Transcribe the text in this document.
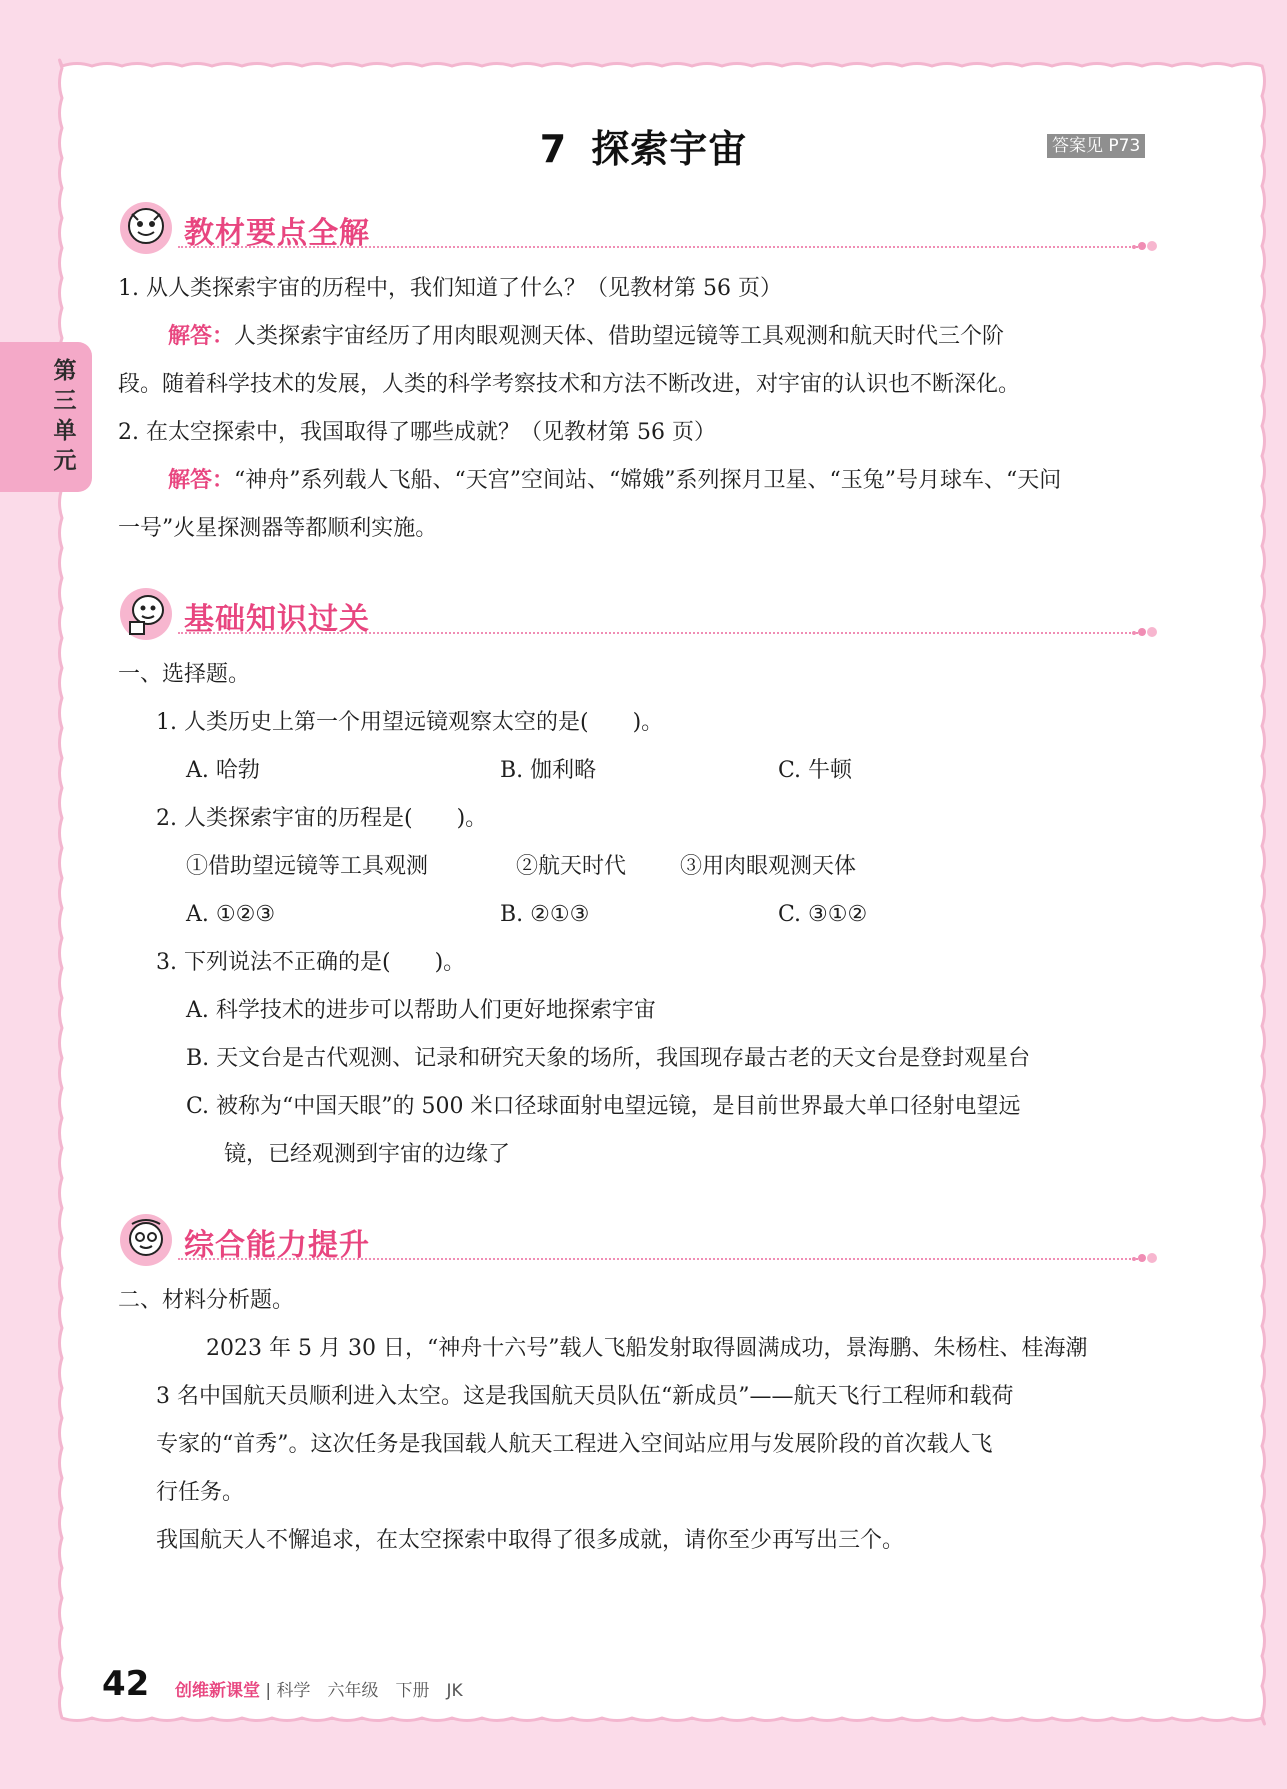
7 探索宇宙	答案见 P73
第三单元
教材要点全解
1. 从人类探索宇宙的历程中，我们知道了什么？（见教材第 56 页）
解答：人类探索宇宙经历了用肉眼观测天体、借助望远镜等工具观测和航天时代三个阶
段。随着科学技术的发展，人类的科学考察技术和方法不断改进，对宇宙的认识也不断深化。
2. 在太空探索中，我国取得了哪些成就？（见教材第 56 页）
解答：“神舟”系列载人飞船、“天宫”空间站、“嫦娥”系列探月卫星、“玉兔”号月球车、“天问
一号”火星探测器等都顺利实施。
基础知识过关
一、选择题。
1. 人类历史上第一个用望远镜观察太空的是(　　)。
A. 哈勃	B. 伽利略	C. 牛顿
2. 人类探索宇宙的历程是(　　)。
①借助望远镜等工具观测	②航天时代 ③用肉眼观测天体
A. ①②③	B. ②①③	C. ③①②
3. 下列说法不正确的是(　　)。
A. 科学技术的进步可以帮助人们更好地探索宇宙
B. 天文台是古代观测、记录和研究天象的场所，我国现存最古老的天文台是登封观星台
C. 被称为“中国天眼”的 500 米口径球面射电望远镜，是目前世界最大单口径射电望远
镜，已经观测到宇宙的边缘了
综合能力提升
二、材料分析题。
2023 年 5 月 30 日，“神舟十六号”载人飞船发射取得圆满成功，景海鹏、朱杨柱、桂海潮
3 名中国航天员顺利进入太空。这是我国航天员队伍“新成员”——航天飞行工程师和载荷
专家的“首秀”。这次任务是我国载人航天工程进入空间站应用与发展阶段的首次载人飞
行任务。
我国航天人不懈追求，在太空探索中取得了很多成就，请你至少再写出三个。
42 创维新课堂 | 科学　六年级　下册　JK
